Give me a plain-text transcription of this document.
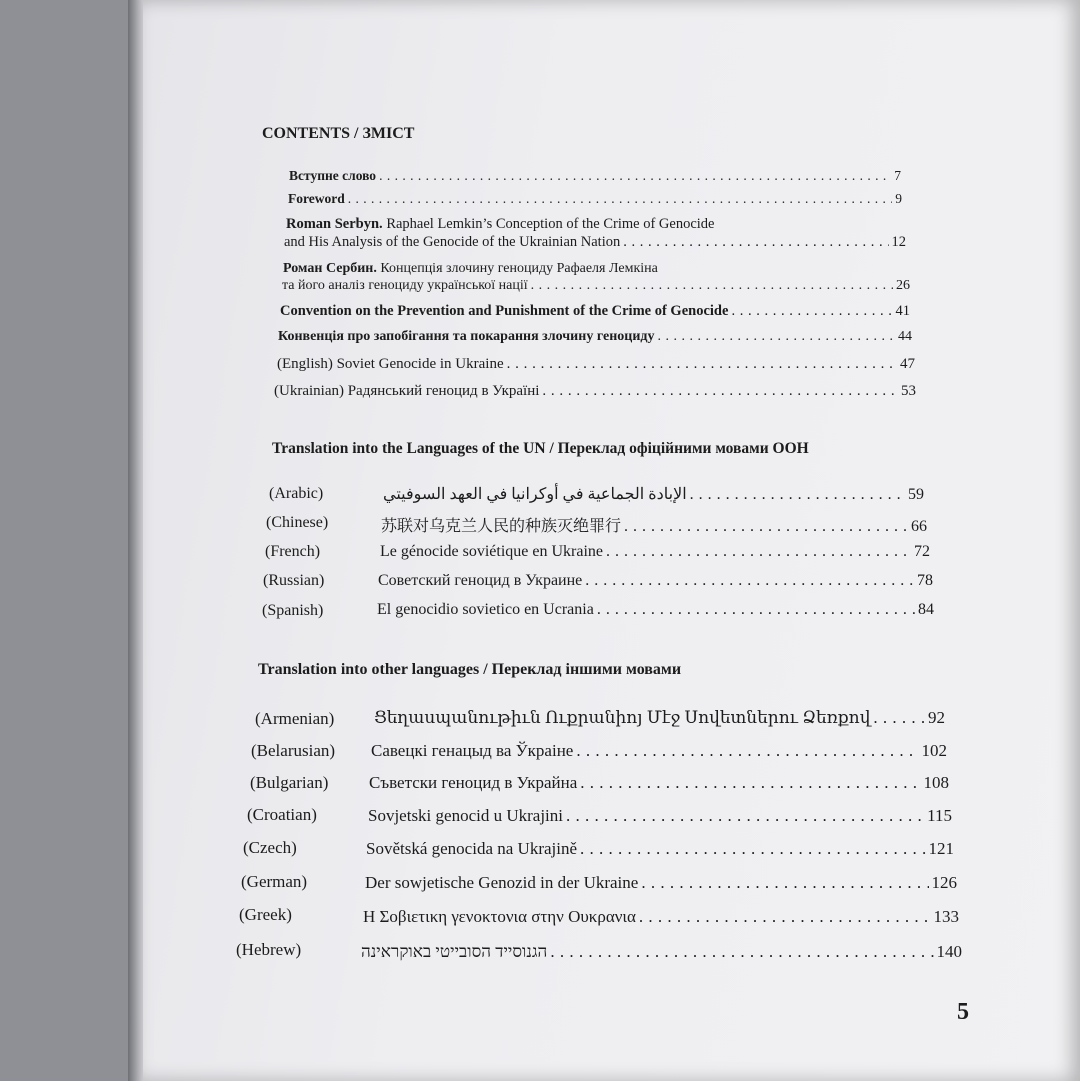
CONTENTS / ЗМІСТ
Вступне слово . . .	7
Foreword . . .	9
Roman Serbyn. Raphael Lemkin’s Conception of the Crime of Genocide
and His Analysis of the Genocide of the Ukrainian Nation . . .	12
Роман Сербин. Концепція злочину геноциду Рафаеля Лемкіна
та його аналіз геноциду української нації . . .	26
Convention on the Prevention and Punishment of the Crime of Genocide . . .	41
Конвенція про запобігання та покарання злочину геноциду . . .	44
(English) Soviet Genocide in Ukraine . . .	47
(Ukrainian) Радянський геноцид в Україні . . .	53
Translation into the Languages of the UN / Переклад офіційними мовами ООН
(Arabic)	الإبادة الجماعية في أوكرانيا في العهد السوفيتي . . .	59
(Chinese)	苏联对乌克兰人民的种族灭绝罪行 . . .	66
(French)	Le génocide soviétique en Ukraine . . .	72
(Russian)	Советский геноцид в Украине . . .	78
(Spanish)	El genocidio sovietico en Ucrania . . .	84
Translation into other languages / Переклад іншими мовами
(Armenian) Ցեղասպանութիւն Ուքրանիոյ Մէջ Սովետներու Ձեռքով . . .	92
(Belarusian) Савецкі генацыд ва Ўкраіне . . .	102
(Bulgarian) Съветски геноцид в Украйна . . .	108
(Croatian)	Sovjetski genocid u Ukrajini . . .	115
(Czech)	Sovětská genocida na Ukrajině . . .	121
(German)	Der sowjetische Genozid in der Ukraine . . .	126
(Greek)	Η Σοβιετικη γενοκτονια στην Ουκρανια . . .	133
(Hebrew)	הגנוסייד הסובייטי באוקראינה . . .	140
5
